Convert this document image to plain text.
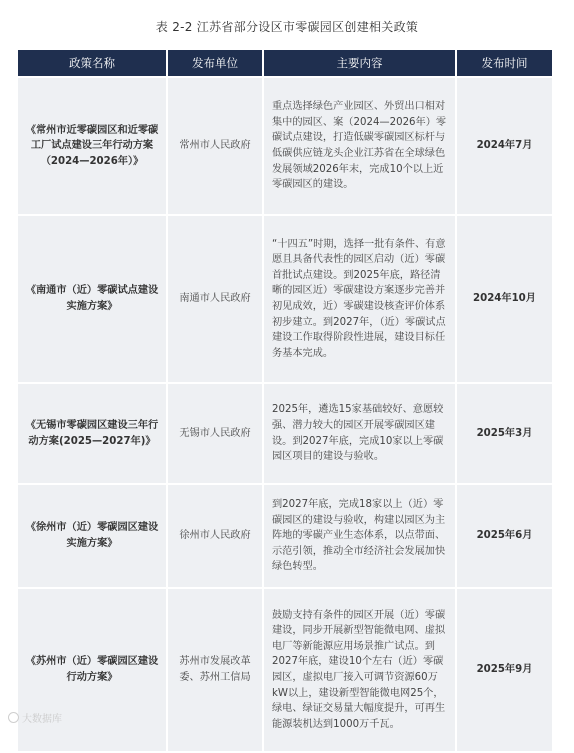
表 2-2 江苏省部分设区市零碳园区创建相关政策
政策名称	发布单位	主要内容	发布时间
《常州市近零碳园区和近零碳工厂试点建设三年行动方案（2024—2026年）》	常州市人民政府	重点选择绿色产业园区、外贸出口相对集中的园区、案（2024—2026年）零碳试点建设，打造低碳零碳园区标杆与低碳供应链龙头企业江苏省在全球绿色发展领域2026年末，完成10个以上近零碳园区的建设。	2024年7月
《南通市（近）零碳试点建设实施方案》	南通市人民政府	“十四五”时期，选择一批有条件、有意愿且具备代表性的园区启动（近）零碳首批试点建设。到2025年底，路径清晰的园区近）零碳建设方案逐步完善并初见成效，近）零碳建设核查评价体系初步建立。到2027年，（近）零碳试点建设工作取得阶段性进展，建设目标任务基本完成。	2024年10月
《无锡市零碳园区建设三年行动方案(2025—2027年)》	无锡市人民政府	2025年，遴选15家基础较好、意愿较强、潜力较大的园区开展零碳园区建设。到2027年底，完成10家以上零碳园区项目的建设与验收。	2025年3月
《徐州市（近）零碳园区建设实施方案》	徐州市人民政府	到2027年底，完成18家以上（近）零碳园区的建设与验收，构建以园区为主阵地的零碳产业生态体系，以点带面、示范引领，推动全市经济社会发展加快绿色转型。	2025年6月
《苏州市（近）零碳园区建设行动方案》	苏州市发展改革委、苏州工信局	鼓励支持有条件的园区开展（近）零碳建设，同步开展新型智能微电网、虚拟电厂等新能源应用场景推广试点。到2027年底，建设10个左右（近）零碳园区，虚拟电厂接入可调节资源60万kW以上，建设新型智能微电网25个，绿电、绿证交易量大幅度提升，可再生能源装机达到1000万千瓦。	2025年9月
大数据库
